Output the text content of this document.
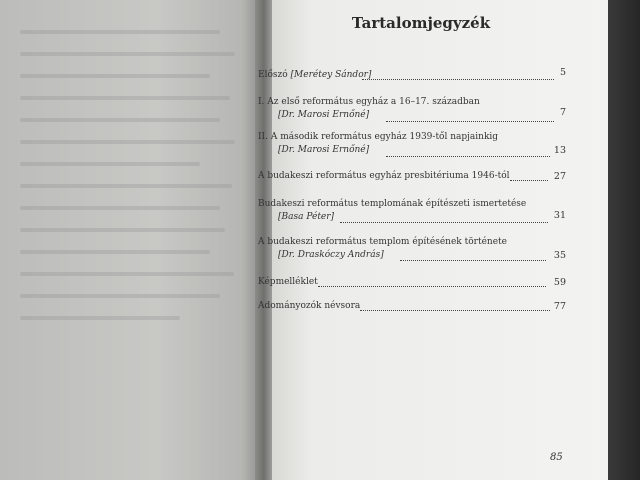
Tartalomjegyzék
Előszó [Merétey Sándor]	5
I. Az első református egyház a 16–17. században
[Dr. Marosi Ernőné]	7
II. A második református egyház 1939-től napjainkig
[Dr. Marosi Ernőné]	13
A budakeszi református egyház presbitériuma 1946-tól	27
Budakeszi református templomának építészeti ismertetése
[Basa Péter]	31
A budakeszi református templom építésének története
[Dr. Draskóczy András]	35
Képmelléklet	59
Adományozók névsora	77
85
